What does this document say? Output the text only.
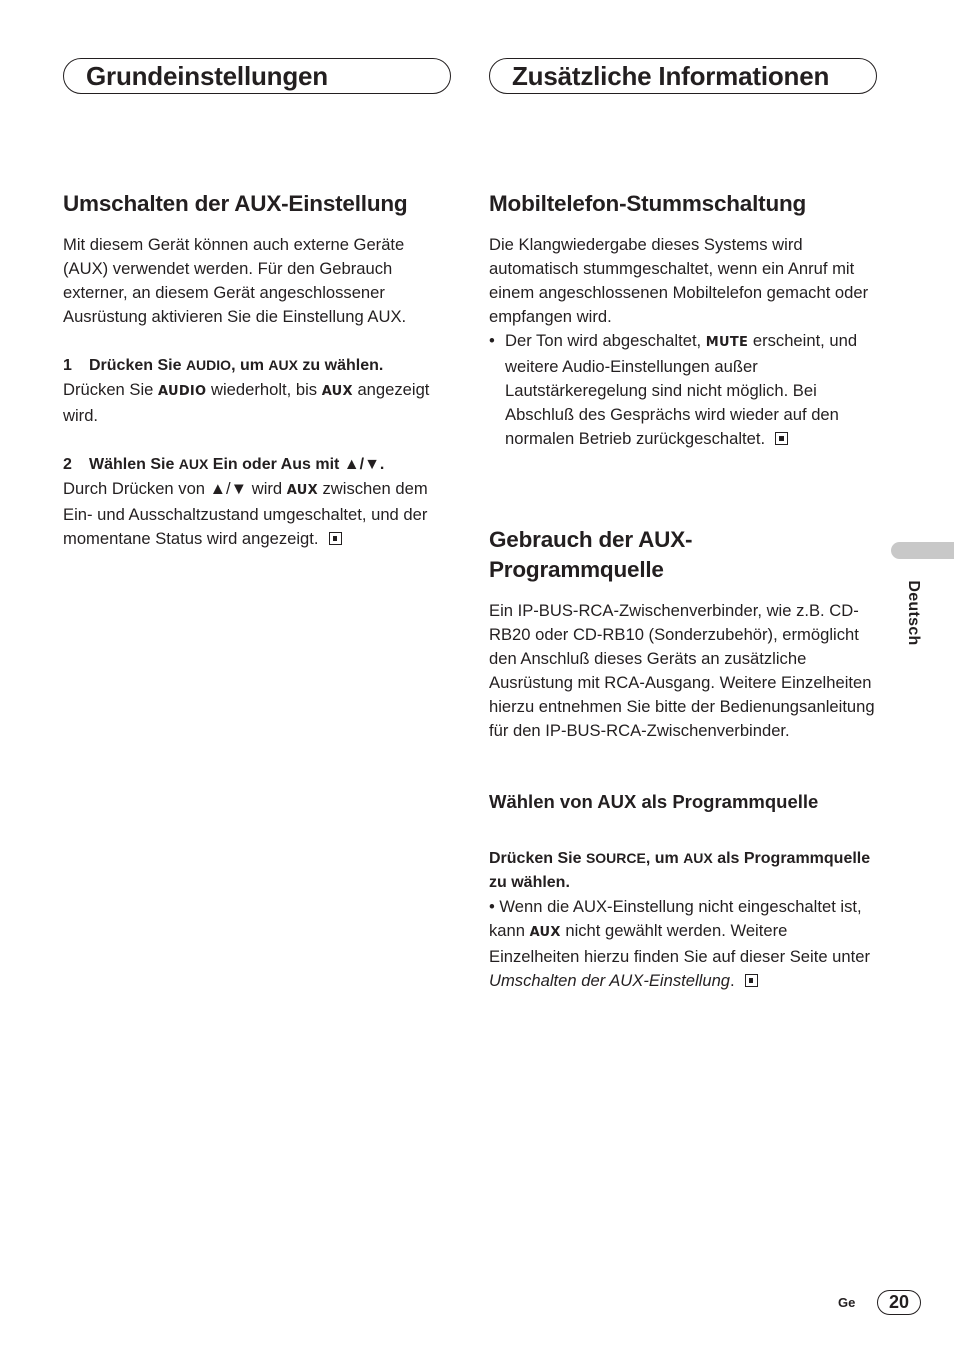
Grundeinstellungen	Zusätzliche Informationen
Umschalten der AUX-Einstellung

Mit diesem Gerät können auch externe Geräte (AUX) verwendet werden. Für den Gebrauch externer, an diesem Gerät angeschlossener Ausrüstung aktivieren Sie die Einstellung AUX.

1 Drücken Sie AUDIO, um AUX zu wählen.

Drücken Sie AUDIO wiederholt, bis AUX angezeigt wird.

2 Wählen Sie AUX Ein oder Aus mit ▲/▼.

Durch Drücken von ▲/▼ wird AUX zwischen dem Ein- und Ausschaltzustand umgeschaltet, und der momentane Status wird angezeigt.

Mobiltelefon-Stummschaltung

Die Klangwiedergabe dieses Systems wird automatisch stummgeschaltet, wenn ein Anruf mit einem angeschlossenen Mobiltelefon gemacht oder empfangen wird.

• Der Ton wird abgeschaltet, MUTE erscheint, und weitere Audio-Einstellungen außer Lautstärkeregelung sind nicht möglich. Bei Abschluß des Gesprächs wird wieder auf den normalen Betrieb zurückgeschaltet.
Gebrauch der AUX-
Programmquelle

Ein IP-BUS-RCA-Zwischenverbinder, wie z.B. CD-RB20 oder CD-RB10 (Sonderzubehör), ermöglicht den Anschluß dieses Geräts an zusätzliche Ausrüstung mit RCA-Ausgang. Weitere Einzelheiten hierzu entnehmen Sie bitte der Bedienungsanleitung für den IP-BUS-RCA-Zwischenverbinder.

Wählen von AUX als Programmquelle

Drücken Sie SOURCE, um AUX als Programmquelle zu wählen.

• Wenn die AUX-Einstellung nicht eingeschaltet ist, kann AUX nicht gewählt werden. Weitere Einzelheiten hierzu finden Sie auf dieser Seite unter Umschalten der AUX-Einstellung.

Deutsch
Ge	20
